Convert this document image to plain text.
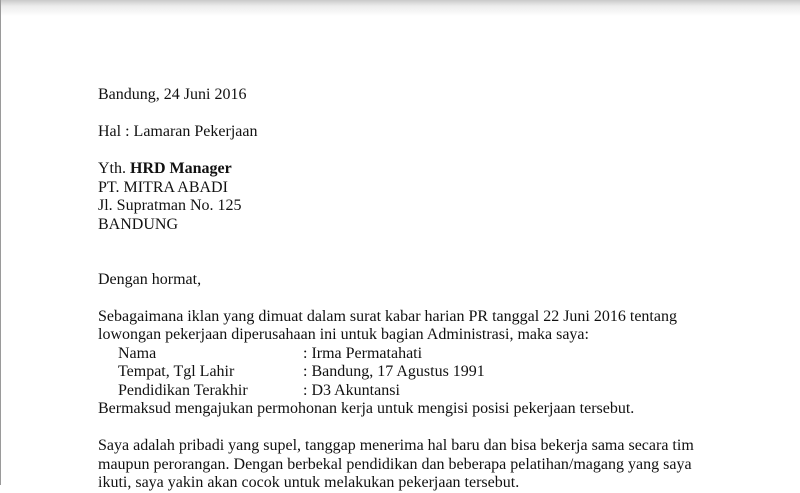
Bandung, 24 Juni 2016
Hal : Lamaran Pekerjaan
Yth. HRD Manager
PT. MITRA ABADI
Jl. Supratman No. 125
BANDUNG
Dengan hormat,
Sebagaimana iklan yang dimuat dalam surat kabar harian PR tanggal 22 Juni 2016 tentang
lowongan pekerjaan diperusahaan ini untuk bagian Administrasi, maka saya:
Nama	: Irma Permatahati
Tempat, Tgl Lahir	: Bandung, 17 Agustus 1991
Pendidikan Terakhir	: D3 Akuntansi
Bermaksud mengajukan permohonan kerja untuk mengisi posisi pekerjaan tersebut.
Saya adalah pribadi yang supel, tanggap menerima hal baru dan bisa bekerja sama secara tim
maupun perorangan. Dengan berbekal pendidikan dan beberapa pelatihan/magang yang saya
ikuti, saya yakin akan cocok untuk melakukan pekerjaan tersebut.
